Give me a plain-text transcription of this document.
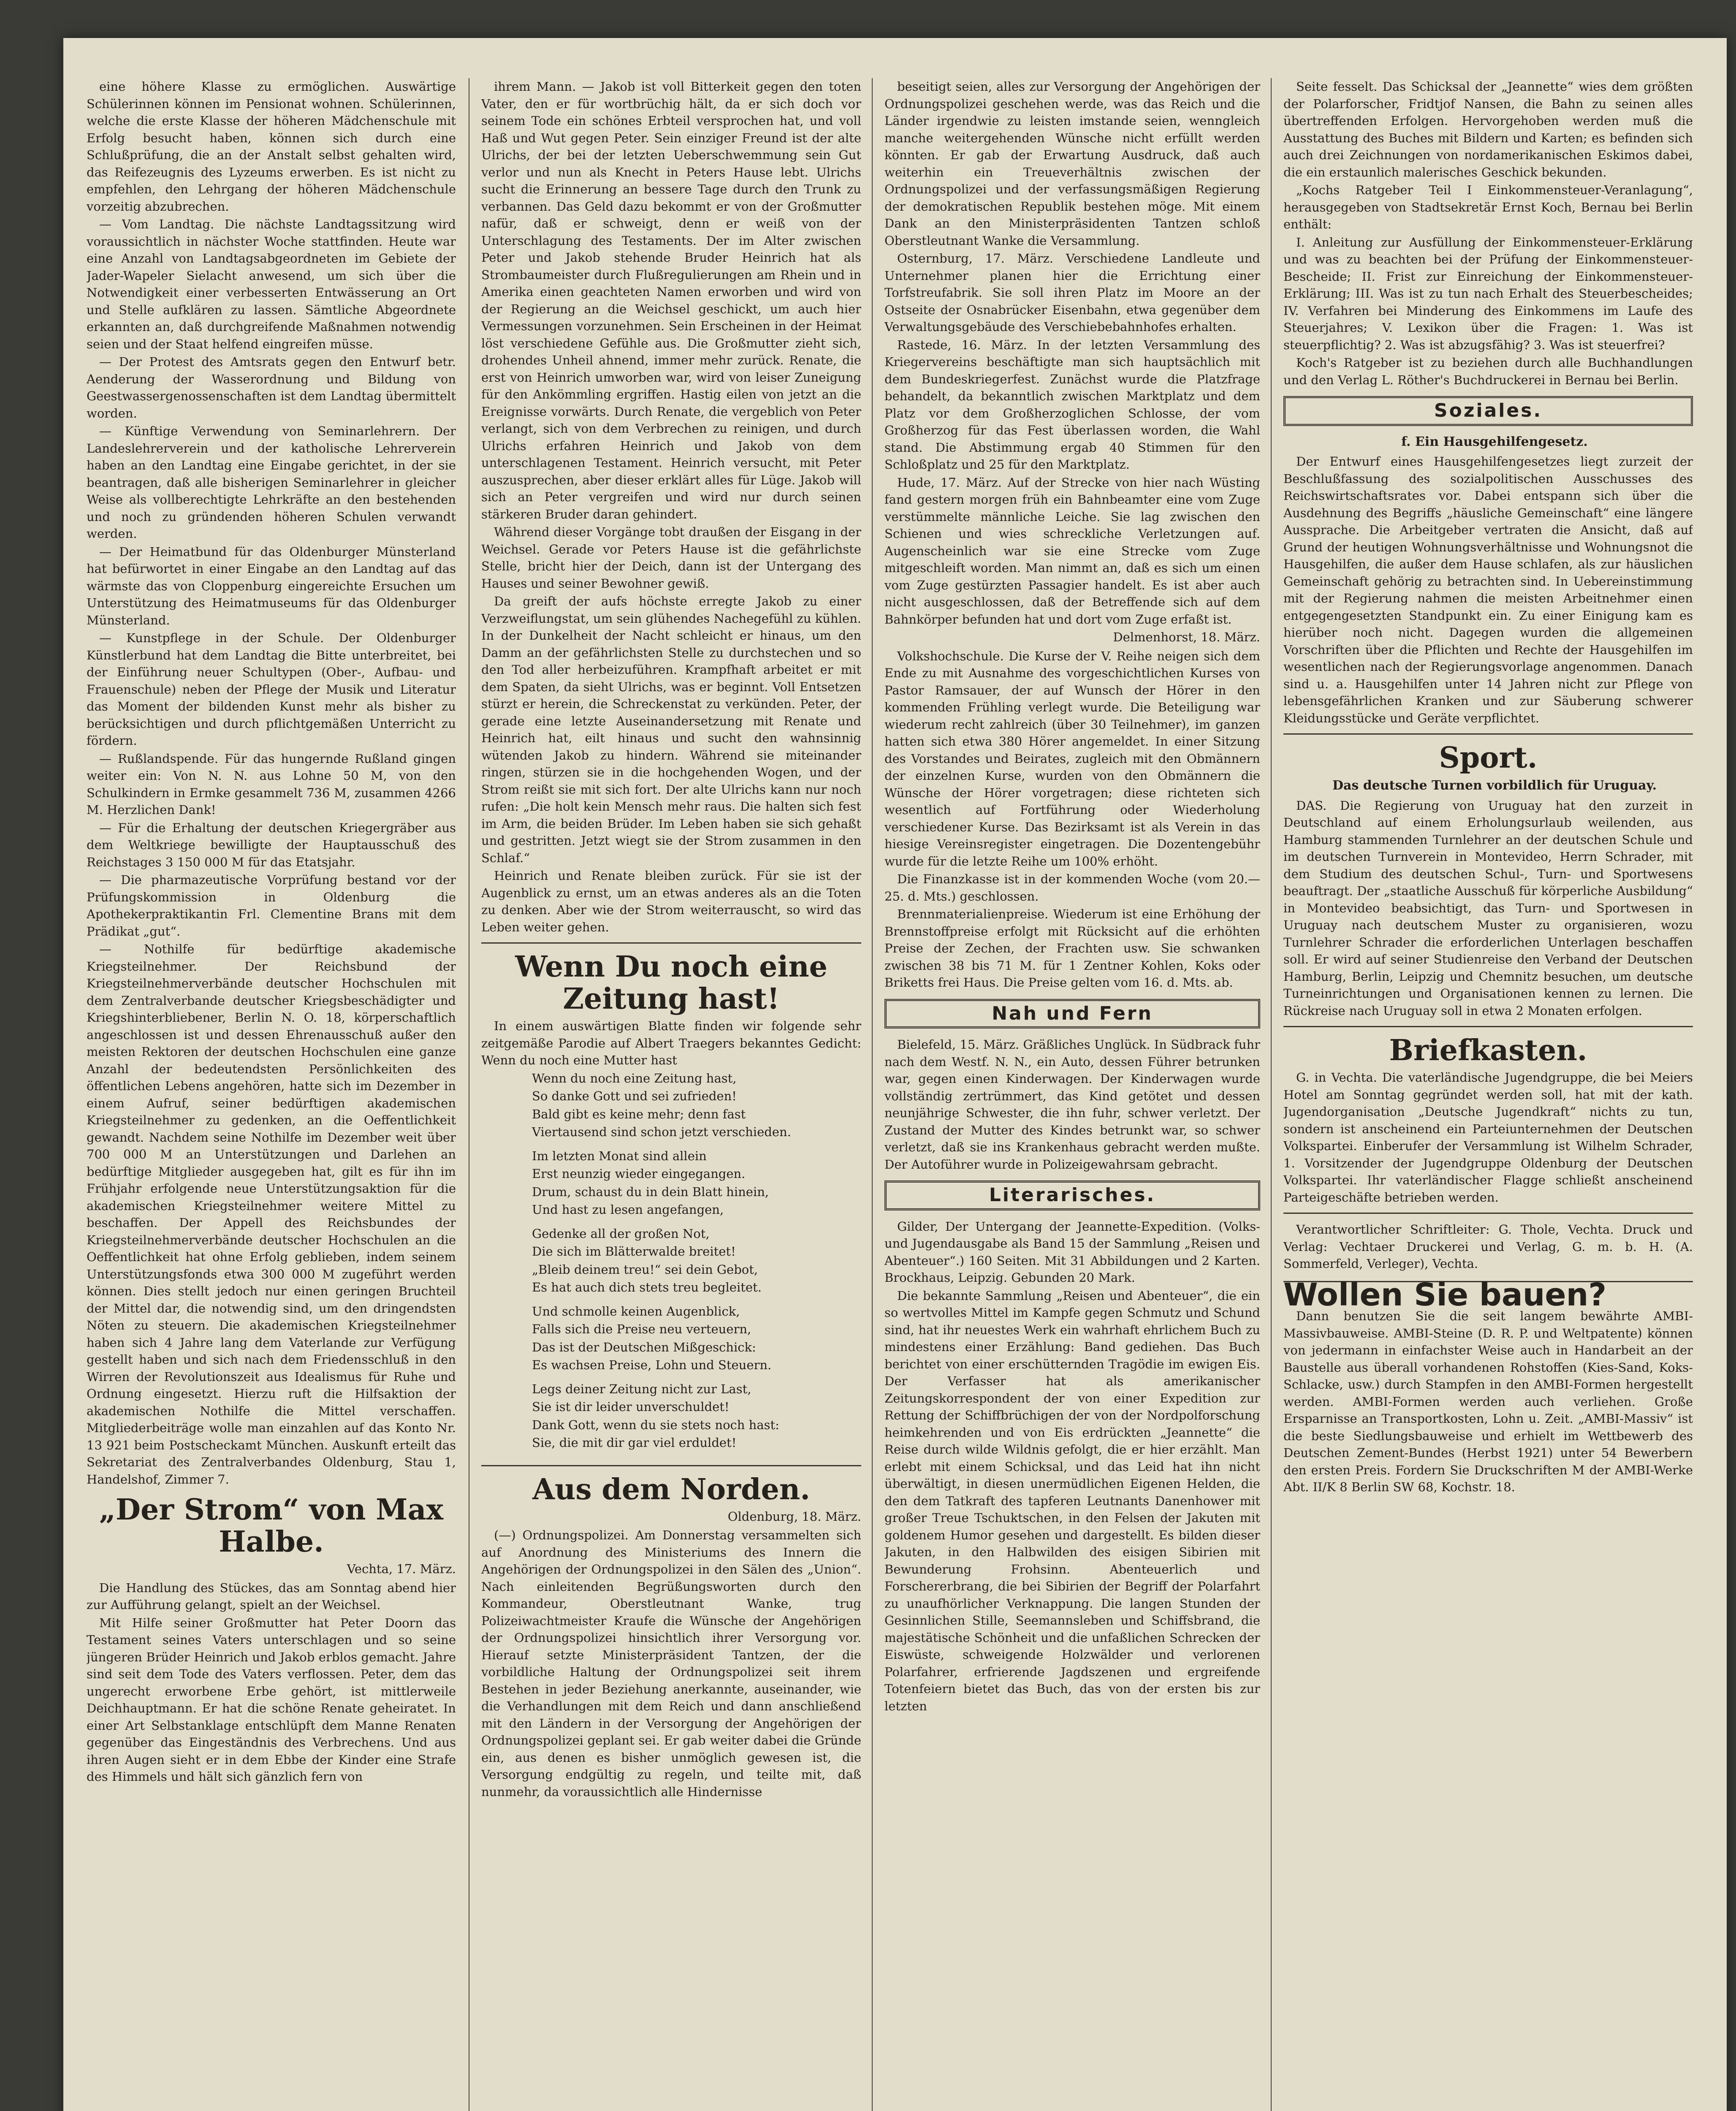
eine höhere Klasse zu ermöglichen. Auswärtige Schülerinnen können im Pensionat wohnen. Schülerinnen, welche die erste Klasse der höheren Mädchenschule mit Erfolg besucht haben, können sich durch eine Schlußprüfung, die an der Anstalt selbst gehalten wird, das Reifezeugnis des Lyzeums erwerben. Es ist nicht zu empfehlen, den Lehrgang der höheren Mädchenschule vorzeitig abzubrechen.

— Vom Landtag. Die nächste Landtagssitzung wird voraussichtlich in nächster Woche stattfinden. Heute war eine Anzahl von Landtagsabgeordneten im Gebiete der Jader-Wapeler Sielacht anwesend, um sich über die Notwendigkeit einer verbesserten Entwässerung an Ort und Stelle aufklären zu lassen. Sämtliche Abgeordnete erkannten an, daß durchgreifende Maßnahmen notwendig seien und der Staat helfend eingreifen müsse.

— Der Protest des Amtsrats gegen den Entwurf betr. Aenderung der Wasserordnung und Bildung von Geestwassergenossenschaften ist dem Landtag übermittelt worden.

— Künftige Verwendung von Seminarlehrern. Der Landeslehrerverein und der katholische Lehrerverein haben an den Landtag eine Eingabe gerichtet, in der sie beantragen, daß alle bisherigen Seminarlehrer in gleicher Weise als vollberechtigte Lehrkräfte an den bestehenden und noch zu gründenden höheren Schulen verwandt werden.

— Der Heimatbund für das Oldenburger Münsterland hat befürwortet in einer Eingabe an den Landtag auf das wärmste das von Cloppenburg eingereichte Ersuchen um Unterstützung des Heimatmuseums für das Oldenburger Münsterland.

— Kunstpflege in der Schule. Der Oldenburger Künstlerbund hat dem Landtag die Bitte unterbreitet, bei der Einführung neuer Schultypen (Ober-, Aufbau- und Frauenschule) neben der Pflege der Musik und Literatur das Moment der bildenden Kunst mehr als bisher zu berücksichtigen und durch pflichtgemäßen Unterricht zu fördern.

— Rußlandspende. Für das hungernde Rußland gingen weiter ein: Von N. N. aus Lohne 50 M, von den Schulkindern in Ermke gesammelt 736 M, zusammen 4266 M. Herzlichen Dank!

— Für die Erhaltung der deutschen Kriegergräber aus dem Weltkriege bewilligte der Hauptausschuß des Reichstages 3 150 000 M für das Etatsjahr.

— Die pharmazeutische Vorprüfung bestand vor der Prüfungskommission in Oldenburg die Apothekerpraktikantin Frl. Clementine Brans mit dem Prädikat „gut“.

— Nothilfe für bedürftige akademische Kriegsteilnehmer. Der Reichsbund der Kriegsteilnehmerverbände deutscher Hochschulen mit dem Zentralverbande deutscher Kriegsbeschädigter und Kriegshinterbliebener, Berlin N. O. 18, körperschaftlich angeschlossen ist und dessen Ehrenausschuß außer den meisten Rektoren der deutschen Hochschulen eine ganze Anzahl der bedeutendsten Persönlichkeiten des öffentlichen Lebens angehören, hatte sich im Dezember in einem Aufruf, seiner bedürftigen akademischen Kriegsteilnehmer zu gedenken, an die Oeffentlichkeit gewandt. Nachdem seine Nothilfe im Dezember weit über 700 000 M an Unterstützungen und Darlehen an bedürftige Mitglieder ausgegeben hat, gilt es für ihn im Frühjahr erfolgende neue Unterstützungsaktion für die akademischen Kriegsteilnehmer weitere Mittel zu beschaffen. Der Appell des Reichsbundes der Kriegsteilnehmerverbände deutscher Hochschulen an die Oeffentlichkeit hat ohne Erfolg geblieben, indem seinem Unterstützungsfonds etwa 300 000 M zugeführt werden können. Dies stellt jedoch nur einen geringen Bruchteil der Mittel dar, die notwendig sind, um den dringendsten Nöten zu steuern. Die akademischen Kriegsteilnehmer haben sich 4 Jahre lang dem Vaterlande zur Verfügung gestellt haben und sich nach dem Friedensschluß in den Wirren der Revolutionszeit aus Idealismus für Ruhe und Ordnung eingesetzt. Hierzu ruft die Hilfsaktion der akademischen Nothilfe die Mittel verschaffen. Mitgliederbeiträge wolle man einzahlen auf das Konto Nr. 13 921 beim Postscheckamt München. Auskunft erteilt das Sekretariat des Zentralverbandes Oldenburg, Stau 1, Handelshof, Zimmer 7.

„Der Strom“ von Max Halbe.

Vechta, 17. März.

Die Handlung des Stückes, das am Sonntag abend hier zur Aufführung gelangt, spielt an der Weichsel.

Mit Hilfe seiner Großmutter hat Peter Doorn das Testament seines Vaters unterschlagen und so seine jüngeren Brüder Heinrich und Jakob erblos gemacht. Jahre sind seit dem Tode des Vaters verflossen. Peter, dem das ungerecht erworbene Erbe gehört, ist mittlerweile Deichhauptmann. Er hat die schöne Renate geheiratet. In einer Art Selbstanklage entschlüpft dem Manne Renaten gegenüber das Eingeständnis des Verbrechens. Und aus ihren Augen sieht er in dem Ebbe der Kinder eine Strafe des Himmels und hält sich gänzlich fern von

ihrem Mann. — Jakob ist voll Bitterkeit gegen den toten Vater, den er für wortbrüchig hält, da er sich doch vor seinem Tode ein schönes Erbteil versprochen hat, und voll Haß und Wut gegen Peter. Sein einziger Freund ist der alte Ulrichs, der bei der letzten Ueberschwemmung sein Gut verlor und nun als Knecht in Peters Hause lebt. Ulrichs sucht die Erinnerung an bessere Tage durch den Trunk zu verbannen. Das Geld dazu bekommt er von der Großmutter nafür, daß er schweigt, denn er weiß von der Unterschlagung des Testaments. Der im Alter zwischen Peter und Jakob stehende Bruder Heinrich hat als Strombaumeister durch Flußregulierungen am Rhein und in Amerika einen geachteten Namen erworben und wird von der Regierung an die Weichsel geschickt, um auch hier Vermessungen vorzunehmen. Sein Erscheinen in der Heimat löst verschiedene Gefühle aus. Die Großmutter zieht sich, drohendes Unheil ahnend, immer mehr zurück. Renate, die erst von Heinrich umworben war, wird von leiser Zuneigung für den Ankömmling ergriffen. Hastig eilen von jetzt an die Ereignisse vorwärts. Durch Renate, die vergeblich von Peter verlangt, sich von dem Verbrechen zu reinigen, und durch Ulrichs erfahren Heinrich und Jakob von dem unterschlagenen Testament. Heinrich versucht, mit Peter auszusprechen, aber dieser erklärt alles für Lüge. Jakob will sich an Peter vergreifen und wird nur durch seinen stärkeren Bruder daran gehindert.

Während dieser Vorgänge tobt draußen der Eisgang in der Weichsel. Gerade vor Peters Hause ist die gefährlichste Stelle, bricht hier der Deich, dann ist der Untergang des Hauses und seiner Bewohner gewiß.

Da greift der aufs höchste erregte Jakob zu einer Verzweiflungstat, um sein glühendes Nachegefühl zu kühlen. In der Dunkelheit der Nacht schleicht er hinaus, um den Damm an der gefährlichsten Stelle zu durchstechen und so den Tod aller herbeizuführen. Krampfhaft arbeitet er mit dem Spaten, da sieht Ulrichs, was er beginnt. Voll Entsetzen stürzt er herein, die Schreckenstat zu verkünden. Peter, der gerade eine letzte Auseinandersetzung mit Renate und Heinrich hat, eilt hinaus und sucht den wahnsinnig wütenden Jakob zu hindern. Während sie miteinander ringen, stürzen sie in die hochgehenden Wogen, und der Strom reißt sie mit sich fort. Der alte Ulrichs kann nur noch rufen: „Die holt kein Mensch mehr raus. Die halten sich fest im Arm, die beiden Brüder. Im Leben haben sie sich gehaßt und gestritten. Jetzt wiegt sie der Strom zusammen in den Schlaf.“

Heinrich und Renate bleiben zurück. Für sie ist der Augenblick zu ernst, um an etwas anderes als an die Toten zu denken. Aber wie der Strom weiterrauscht, so wird das Leben weiter gehen.

Wenn Du noch eine Zeitung hast!

In einem auswärtigen Blatte finden wir folgende sehr zeitgemäße Parodie auf Albert Traegers bekanntes Gedicht: Wenn du noch eine Mutter hast

Wenn du noch eine Zeitung hast,

So danke Gott und sei zufrieden!

Bald gibt es keine mehr; denn fast

Viertausend sind schon jetzt verschieden.

Im letzten Monat sind allein

Erst neunzig wieder eingegangen.

Drum, schaust du in dein Blatt hinein,

Und hast zu lesen angefangen,

Gedenke all der großen Not,

Die sich im Blätterwalde breitet!

„Bleib deinem treu!“ sei dein Gebot,

Es hat auch dich stets treu begleitet.

Und schmolle keinen Augenblick,

Falls sich die Preise neu verteuern,

Das ist der Deutschen Mißgeschick:

Es wachsen Preise, Lohn und Steuern.

Legs deiner Zeitung nicht zur Last,

Sie ist dir leider unverschuldet!

Dank Gott, wenn du sie stets noch hast:

Sie, die mit dir gar viel erduldet!

Aus dem Norden.

Oldenburg, 18. März.

(—) Ordnungspolizei. Am Donnerstag versammelten sich auf Anordnung des Ministeriums des Innern die Angehörigen der Ordnungspolizei in den Sälen des „Union“. Nach einleitenden Begrüßungsworten durch den Kommandeur, Oberstleutnant Wanke, trug Polizeiwachtmeister Kraufe die Wünsche der Angehörigen der Ordnungspolizei hinsichtlich ihrer Versorgung vor. Hierauf setzte Ministerpräsident Tantzen, der die vorbildliche Haltung der Ordnungspolizei seit ihrem Bestehen in jeder Beziehung anerkannte, auseinander, wie die Verhandlungen mit dem Reich und dann anschließend mit den Ländern in der Versorgung der Angehörigen der Ordnungspolizei geplant sei. Er gab weiter dabei die Gründe ein, aus denen es bisher unmöglich gewesen ist, die Versorgung endgültig zu regeln, und teilte mit, daß nunmehr, da voraussichtlich alle Hindernisse

beseitigt seien, alles zur Versorgung der Angehörigen der Ordnungspolizei geschehen werde, was das Reich und die Länder irgendwie zu leisten imstande seien, wenngleich manche weitergehenden Wünsche nicht erfüllt werden könnten. Er gab der Erwartung Ausdruck, daß auch weiterhin ein Treueverhältnis zwischen der Ordnungspolizei und der verfassungsmäßigen Regierung der demokratischen Republik bestehen möge. Mit einem Dank an den Ministerpräsidenten Tantzen schloß Oberstleutnant Wanke die Versammlung.

Osternburg, 17. März. Verschiedene Landleute und Unternehmer planen hier die Errichtung einer Torfstreufabrik. Sie soll ihren Platz im Moore an der Ostseite der Osnabrücker Eisenbahn, etwa gegenüber dem Verwaltungsgebäude des Verschiebebahnhofes erhalten.

Rastede, 16. März. In der letzten Versammlung des Kriegervereins beschäftigte man sich hauptsächlich mit dem Bundeskriegerfest. Zunächst wurde die Platzfrage behandelt, da bekanntlich zwischen Marktplatz und dem Platz vor dem Großherzoglichen Schlosse, der vom Großherzog für das Fest überlassen worden, die Wahl stand. Die Abstimmung ergab 40 Stimmen für den Schloßplatz und 25 für den Marktplatz.

Hude, 17. März. Auf der Strecke von hier nach Wüsting fand gestern morgen früh ein Bahnbeamter eine vom Zuge verstümmelte männliche Leiche. Sie lag zwischen den Schienen und wies schreckliche Verletzungen auf. Augenscheinlich war sie eine Strecke vom Zuge mitgeschleift worden. Man nimmt an, daß es sich um einen vom Zuge gestürzten Passagier handelt. Es ist aber auch nicht ausgeschlossen, daß der Betreffende sich auf dem Bahnkörper befunden hat und dort vom Zuge erfaßt ist.

Delmenhorst, 18. März.

Volkshochschule. Die Kurse der V. Reihe neigen sich dem Ende zu mit Ausnahme des vorgeschichtlichen Kurses von Pastor Ramsauer, der auf Wunsch der Hörer in den kommenden Frühling verlegt wurde. Die Beteiligung war wiederum recht zahlreich (über 30 Teilnehmer), im ganzen hatten sich etwa 380 Hörer angemeldet. In einer Sitzung des Vorstandes und Beirates, zugleich mit den Obmännern der einzelnen Kurse, wurden von den Obmännern die Wünsche der Hörer vorgetragen; diese richteten sich wesentlich auf Fortführung oder Wiederholung verschiedener Kurse. Das Bezirksamt ist als Verein in das hiesige Vereinsregister eingetragen. Die Dozentengebühr wurde für die letzte Reihe um 100% erhöht.

Die Finanzkasse ist in der kommenden Woche (vom 20.—25. d. Mts.) geschlossen.

Brennmaterialienpreise. Wiederum ist eine Erhöhung der Brennstoffpreise erfolgt mit Rücksicht auf die erhöhten Preise der Zechen, der Frachten usw. Sie schwanken zwischen 38 bis 71 M. für 1 Zentner Kohlen, Koks oder Briketts frei Haus. Die Preise gelten vom 16. d. Mts. ab.

Nah und Fern

Bielefeld, 15. März. Gräßliches Unglück. In Südbrack fuhr nach dem Westf. N. N., ein Auto, dessen Führer betrunken war, gegen einen Kinderwagen. Der Kinderwagen wurde vollständig zertrümmert, das Kind getötet und dessen neunjährige Schwester, die ihn fuhr, schwer verletzt. Der Zustand der Mutter des Kindes betrunkt war, so schwer verletzt, daß sie ins Krankenhaus gebracht werden mußte. Der Autoführer wurde in Polizeigewahrsam gebracht.

Literarisches.

Gilder, Der Untergang der Jeannette-Expedition. (Volks- und Jugendausgabe als Band 15 der Sammlung „Reisen und Abenteuer“.) 160 Seiten. Mit 31 Abbildungen und 2 Karten. Brockhaus, Leipzig. Gebunden 20 Mark.

Die bekannte Sammlung „Reisen und Abenteuer“, die ein so wertvolles Mittel im Kampfe gegen Schmutz und Schund sind, hat ihr neuestes Werk ein wahrhaft ehrlichem Buch zu mindestens einer Erzählung: Band gediehen. Das Buch berichtet von einer erschütternden Tragödie im ewigen Eis. Der Verfasser hat als amerikanischer Zeitungskorrespondent der von einer Expedition zur Rettung der Schiffbrüchigen der von der Nordpolforschung heimkehrenden und von Eis erdrückten „Jeannette“ die Reise durch wilde Wildnis gefolgt, die er hier erzählt. Man erlebt mit einem Schicksal, und das Leid hat ihn nicht überwältigt, in diesen unermüdlichen Eigenen Helden, die den dem Tatkraft des tapferen Leutnants Danenhower mit großer Treue Tschuktschen, in den Felsen der Jakuten mit goldenem Humor gesehen und dargestellt. Es bilden dieser Jakuten, in den Halbwilden des eisigen Sibirien mit Bewunderung Frohsinn. Abenteuerlich und Forschererbrang, die bei Sibirien der Begriff der Polarfahrt zu unaufhörlicher Verknappung. Die langen Stunden der Gesinnlichen Stille, Seemannsleben und Schiffsbrand, die majestätische Schönheit und die unfaßlichen Schrecken der Eiswüste, schweigende Holzwälder und verlorenen Polarfahrer, erfrierende Jagdszenen und ergreifende Totenfeiern bietet das Buch, das von der ersten bis zur letzten

Seite fesselt. Das Schicksal der „Jeannette“ wies dem größten der Polarforscher, Fridtjof Nansen, die Bahn zu seinen alles übertreffenden Erfolgen. Hervorgehoben werden muß die Ausstattung des Buches mit Bildern und Karten; es befinden sich auch drei Zeichnungen von nordamerikanischen Eskimos dabei, die ein erstaunlich malerisches Geschick bekunden.

„Kochs Ratgeber Teil I Einkommensteuer-Veranlagung“, herausgegeben von Stadtsekretär Ernst Koch, Bernau bei Berlin enthält:

I. Anleitung zur Ausfüllung der Einkommensteuer-Erklärung und was zu beachten bei der Prüfung der Einkommensteuer-Bescheide; II. Frist zur Einreichung der Einkommensteuer-Erklärung; III. Was ist zu tun nach Erhalt des Steuerbescheides; IV. Verfahren bei Minderung des Einkommens im Laufe des Steuerjahres; V. Lexikon über die Fragen: 1. Was ist steuerpflichtig? 2. Was ist abzugsfähig? 3. Was ist steuerfrei?

Koch's Ratgeber ist zu beziehen durch alle Buchhandlungen und den Verlag L. Röther's Buchdruckerei in Bernau bei Berlin.

Soziales.

f. Ein Hausgehilfengesetz.

Der Entwurf eines Hausgehilfengesetzes liegt zurzeit der Beschlußfassung des sozialpolitischen Ausschusses des Reichswirtschaftsrates vor. Dabei entspann sich über die Ausdehnung des Begriffs „häusliche Gemeinschaft“ eine längere Aussprache. Die Arbeitgeber vertraten die Ansicht, daß auf Grund der heutigen Wohnungsverhältnisse und Wohnungsnot die Hausgehilfen, die außer dem Hause schlafen, als zur häuslichen Gemeinschaft gehörig zu betrachten sind. In Uebereinstimmung mit der Regierung nahmen die meisten Arbeitnehmer einen entgegengesetzten Standpunkt ein. Zu einer Einigung kam es hierüber noch nicht. Dagegen wurden die allgemeinen Vorschriften über die Pflichten und Rechte der Hausgehilfen im wesentlichen nach der Regierungsvorlage angenommen. Danach sind u. a. Hausgehilfen unter 14 Jahren nicht zur Pflege von lebensgefährlichen Kranken und zur Säuberung schwerer Kleidungsstücke und Geräte verpflichtet.

Sport.

Das deutsche Turnen vorbildlich für Uruguay.

DAS. Die Regierung von Uruguay hat den zurzeit in Deutschland auf einem Erholungsurlaub weilenden, aus Hamburg stammenden Turnlehrer an der deutschen Schule und im deutschen Turnverein in Montevideo, Herrn Schrader, mit dem Studium des deutschen Schul-, Turn- und Sportwesens beauftragt. Der „staatliche Ausschuß für körperliche Ausbildung“ in Montevideo beabsichtigt, das Turn- und Sportwesen in Uruguay nach deutschem Muster zu organisieren, wozu Turnlehrer Schrader die erforderlichen Unterlagen beschaffen soll. Er wird auf seiner Studienreise den Verband der Deutschen Hamburg, Berlin, Leipzig und Chemnitz besuchen, um deutsche Turneinrichtungen und Organisationen kennen zu lernen. Die Rückreise nach Uruguay soll in etwa 2 Monaten erfolgen.

Briefkasten.

G. in Vechta. Die vaterländische Jugendgruppe, die bei Meiers Hotel am Sonntag gegründet werden soll, hat mit der kath. Jugendorganisation „Deutsche Jugendkraft“ nichts zu tun, sondern ist anscheinend ein Parteiunternehmen der Deutschen Volkspartei. Einberufer der Versammlung ist Wilhelm Schrader, 1. Vorsitzender der Jugendgruppe Oldenburg der Deutschen Volkspartei. Ihr vaterländischer Flagge schließt anscheinend Parteigeschäfte betrieben werden.

Verantwortlicher Schriftleiter: G. Thole, Vechta. Druck und Verlag: Vechtaer Druckerei und Verlag, G. m. b. H. (A. Sommerfeld, Verleger), Vechta.

Wollen Sie bauen?

Dann benutzen Sie die seit langem bewährte AMBI-Massivbauweise. AMBI-Steine (D. R. P. und Weltpatente) können von jedermann in einfachster Weise auch in Handarbeit an der Baustelle aus überall vorhandenen Rohstoffen (Kies-Sand, Koks-Schlacke, usw.) durch Stampfen in den AMBI-Formen hergestellt werden. AMBI-Formen werden auch verliehen. Große Ersparnisse an Transportkosten, Lohn u. Zeit. „AMBI-Massiv“ ist die beste Siedlungsbauweise und erhielt im Wettbewerb des Deutschen Zement-Bundes (Herbst 1921) unter 54 Bewerbern den ersten Preis. Fordern Sie Druckschriften M der AMBI-Werke Abt. II/K 8 Berlin SW 68, Kochstr. 18.
